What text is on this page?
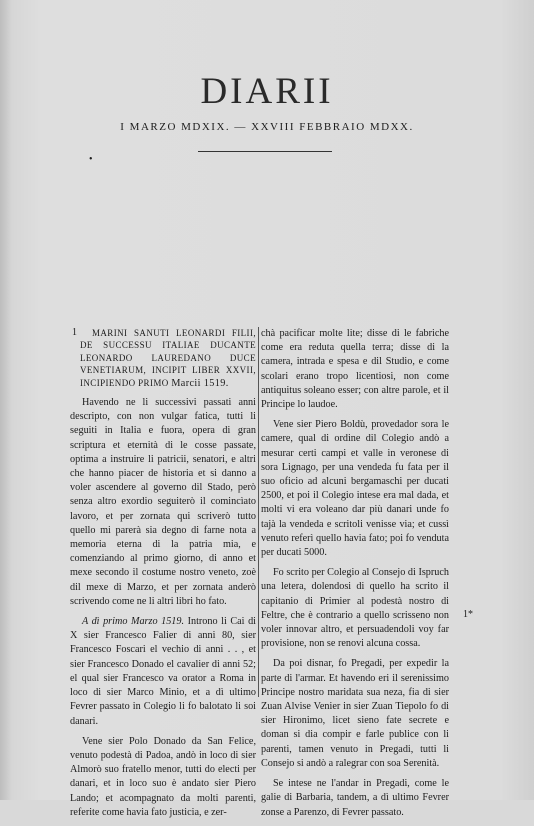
DIARII
I MARZO MDXIX. — XXVIII FEBBRAIO MDXX.
•

1 MARINI SANUTI LEONARDI FILII, DE SUCCESSU ITALIAE DUCANTE LEONARDO LAUREDANO DUCE VENETIARUM, INCIPIT LIBER XXVII, INCIPIENDO PRIMO Marcii 1519.

Havendo ne li successivi passati anni descripto, con non vulgar fatica, tutti li seguiti in Italia e fuora, opera di gran scriptura et eternità di le cosse passate, optima a instruire li patricii, senatori, e altri che hanno piacer de historia et si danno a voler ascendere al governo dil Stado, però senza altro exordio seguiterò il comincìato lavoro, et per zornata qui scriverò tutto quello mi parerà sia degno di farne nota a memoria eterna di la patria mia, e comenziando al primo giorno, di anno et mexe secondo il costume nostro veneto, zoè dil mexe di Marzo, et per zornata anderò scrivendo come ne li altri libri ho fato.

A dì primo Marzo 1519. Introno li Cai di X sier Francesco Falier di anni 80, sier Francesco Foscari el vechio di anni . . , et sier Francesco Donado el cavalier di anni 52; el qual sier Francesco va orator a Roma in loco di sier Marco Minio, et a dì ultimo Fevrer passato in Colegio li fo balotato li soi danari.

Vene sier Polo Donado da San Felice, venuto podestà di Padoa, andò in loco di sier Almorò suo fratello menor, tutti do electi per danari, et in loco suo è andato sier Piero Lando; et acompagnato da molti parenti, referite come havia fato justicia, e zer-

chà pacificar molte lite; disse di le fabriche come era reduta quella terra; disse di la camera, intrada e spesa e dil Studio, e come scolari erano tropo licentiosi, non come antiquitus soleano esser; con altre parole, et il Principe lo laudoe.

Vene sier Piero Boldù, provedador sora le camere, qual di ordine dil Colegio andò a mesurar certi campi et valle in veronese di sora Lignago, per una vendeda fu fata per il suo oficio ad alcuni bergamaschi per ducati 2500, et poi il Colegio intese era mal dada, et molti vi era voleano dar più danari unde fo tajà la vendeda e scritoli venisse via; et cussì venuto referì quello havia fato; poi fo venduta per ducati 5000.

Fo scrito per Colegio al Consejo di Ispruch una letera, dolendosi di quello ha scrito il capitanio di Primier al podestà nostro di Feltre, che è contrario a quello scrisseno non voler innovar altro, et persuadendoli voy far provisione, non se renovi alcuna cossa.

Da poi disnar, fo Pregadi, per expedir la parte di l'armar. Et havendo eri il serenissimo Principe nostro maridata sua neza, fia di sier Zuan Alvise Venier in sier Zuan Tiepolo fo di sier Hironimo, licet sieno fate secrete e doman si dia compir e farle publice con li parenti, tamen venuto in Pregadi, tutti li Consejo si andò a ralegrar con soa Serenità.

Se intese ne l'andar in Pregadi, come le galie di Barbaria, tandem, a dì ultimo Fevrer zonse a Parenzo, di Fevrer passato.

1*
